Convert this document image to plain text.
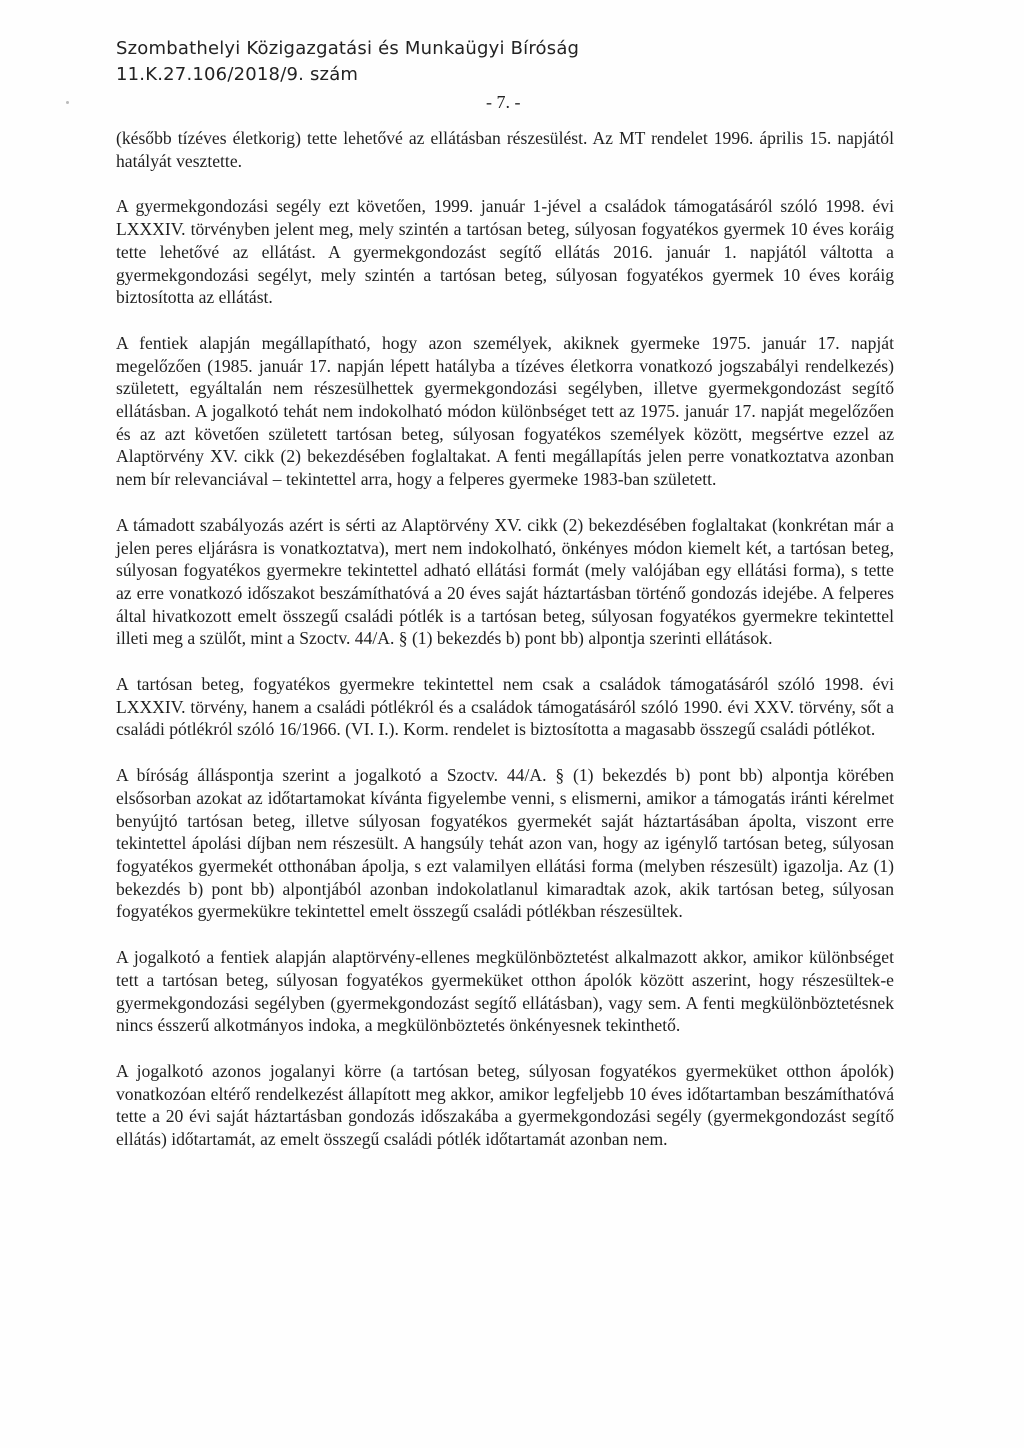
Szombathelyi Közigazgatási és Munkaügyi Bíróság
11.K.27.106/2018/9. szám
- 7. -

(később tízéves életkorig) tette lehetővé az ellátásban részesülést. Az MT rendelet 1996. április 15. napjától hatályát vesztette.

A gyermekgondozási segély ezt követően, 1999. január 1-jével a családok támogatásáról szóló 1998. évi LXXXIV. törvényben jelent meg, mely szintén a tartósan beteg, súlyosan fogyatékos gyermek 10 éves koráig tette lehetővé az ellátást. A gyermekgondozást segítő ellátás 2016. január 1. napjától váltotta a gyermekgondozási segélyt, mely szintén a tartósan beteg, súlyosan fogyatékos gyermek 10 éves koráig biztosította az ellátást.

A fentiek alapján megállapítható, hogy azon személyek, akiknek gyermeke 1975. január 17. napját megelőzően (1985. január 17. napján lépett hatályba a tízéves életkorra vonatkozó jogszabályi rendelkezés) született, egyáltalán nem részesülhettek gyermekgondozási segélyben, illetve gyermekgondozást segítő ellátásban. A jogalkotó tehát nem indokolható módon különbséget tett az 1975. január 17. napját megelőzően és az azt követően született tartósan beteg, súlyosan fogyatékos személyek között, megsértve ezzel az Alaptörvény XV. cikk (2) bekezdésében foglaltakat. A fenti megállapítás jelen perre vonatkoztatva azonban nem bír relevanciával – tekintettel arra, hogy a felperes gyermeke 1983-ban született.

A támadott szabályozás azért is sérti az Alaptörvény XV. cikk (2) bekezdésében foglaltakat (konkrétan már a jelen peres eljárásra is vonatkoztatva), mert nem indokolható, önkényes módon kiemelt két, a tartósan beteg, súlyosan fogyatékos gyermekre tekintettel adható ellátási formát (mely valójában egy ellátási forma), s tette az erre vonatkozó időszakot beszámíthatóvá a 20 éves saját háztartásban történő gondozás idejébe. A felperes által hivatkozott emelt összegű családi pótlék is a tartósan beteg, súlyosan fogyatékos gyermekre tekintettel illeti meg a szülőt, mint a Szoctv. 44/A. § (1) bekezdés b) pont bb) alpontja szerinti ellátások.

A tartósan beteg, fogyatékos gyermekre tekintettel nem csak a családok támogatásáról szóló 1998. évi LXXXIV. törvény, hanem a családi pótlékról és a családok támogatásáról szóló 1990. évi XXV. törvény, sőt a családi pótlékról szóló 16/1966. (VI. I.). Korm. rendelet is biztosította a magasabb összegű családi pótlékot.

A bíróság álláspontja szerint a jogalkotó a Szoctv. 44/A. § (1) bekezdés b) pont bb) alpontja körében elsősorban azokat az időtartamokat kívánta figyelembe venni, s elismerni, amikor a támogatás iránti kérelmet benyújtó tartósan beteg, illetve súlyosan fogyatékos gyermekét saját háztartásában ápolta, viszont erre tekintettel ápolási díjban nem részesült. A hangsúly tehát azon van, hogy az igénylő tartósan beteg, súlyosan fogyatékos gyermekét otthonában ápolja, s ezt valamilyen ellátási forma (melyben részesült) igazolja. Az (1) bekezdés b) pont bb) alpontjából azonban indokolatlanul kimaradtak azok, akik tartósan beteg, súlyosan fogyatékos gyermekükre tekintettel emelt összegű családi pótlékban részesültek.

A jogalkotó a fentiek alapján alaptörvény-ellenes megkülönböztetést alkalmazott akkor, amikor különbséget tett a tartósan beteg, súlyosan fogyatékos gyermeküket otthon ápolók között aszerint, hogy részesültek-e gyermekgondozási segélyben (gyermekgondozást segítő ellátásban), vagy sem. A fenti megkülönböztetésnek nincs ésszerű alkotmányos indoka, a megkülönböztetés önkényesnek tekinthető.

A jogalkotó azonos jogalanyi körre (a tartósan beteg, súlyosan fogyatékos gyermeküket otthon ápolók) vonatkozóan eltérő rendelkezést állapított meg akkor, amikor legfeljebb 10 éves időtartamban beszámíthatóvá tette a 20 évi saját háztartásban gondozás időszakába a gyermekgondozási segély (gyermekgondozást segítő ellátás) időtartamát, az emelt összegű családi pótlék időtartamát azonban nem.
